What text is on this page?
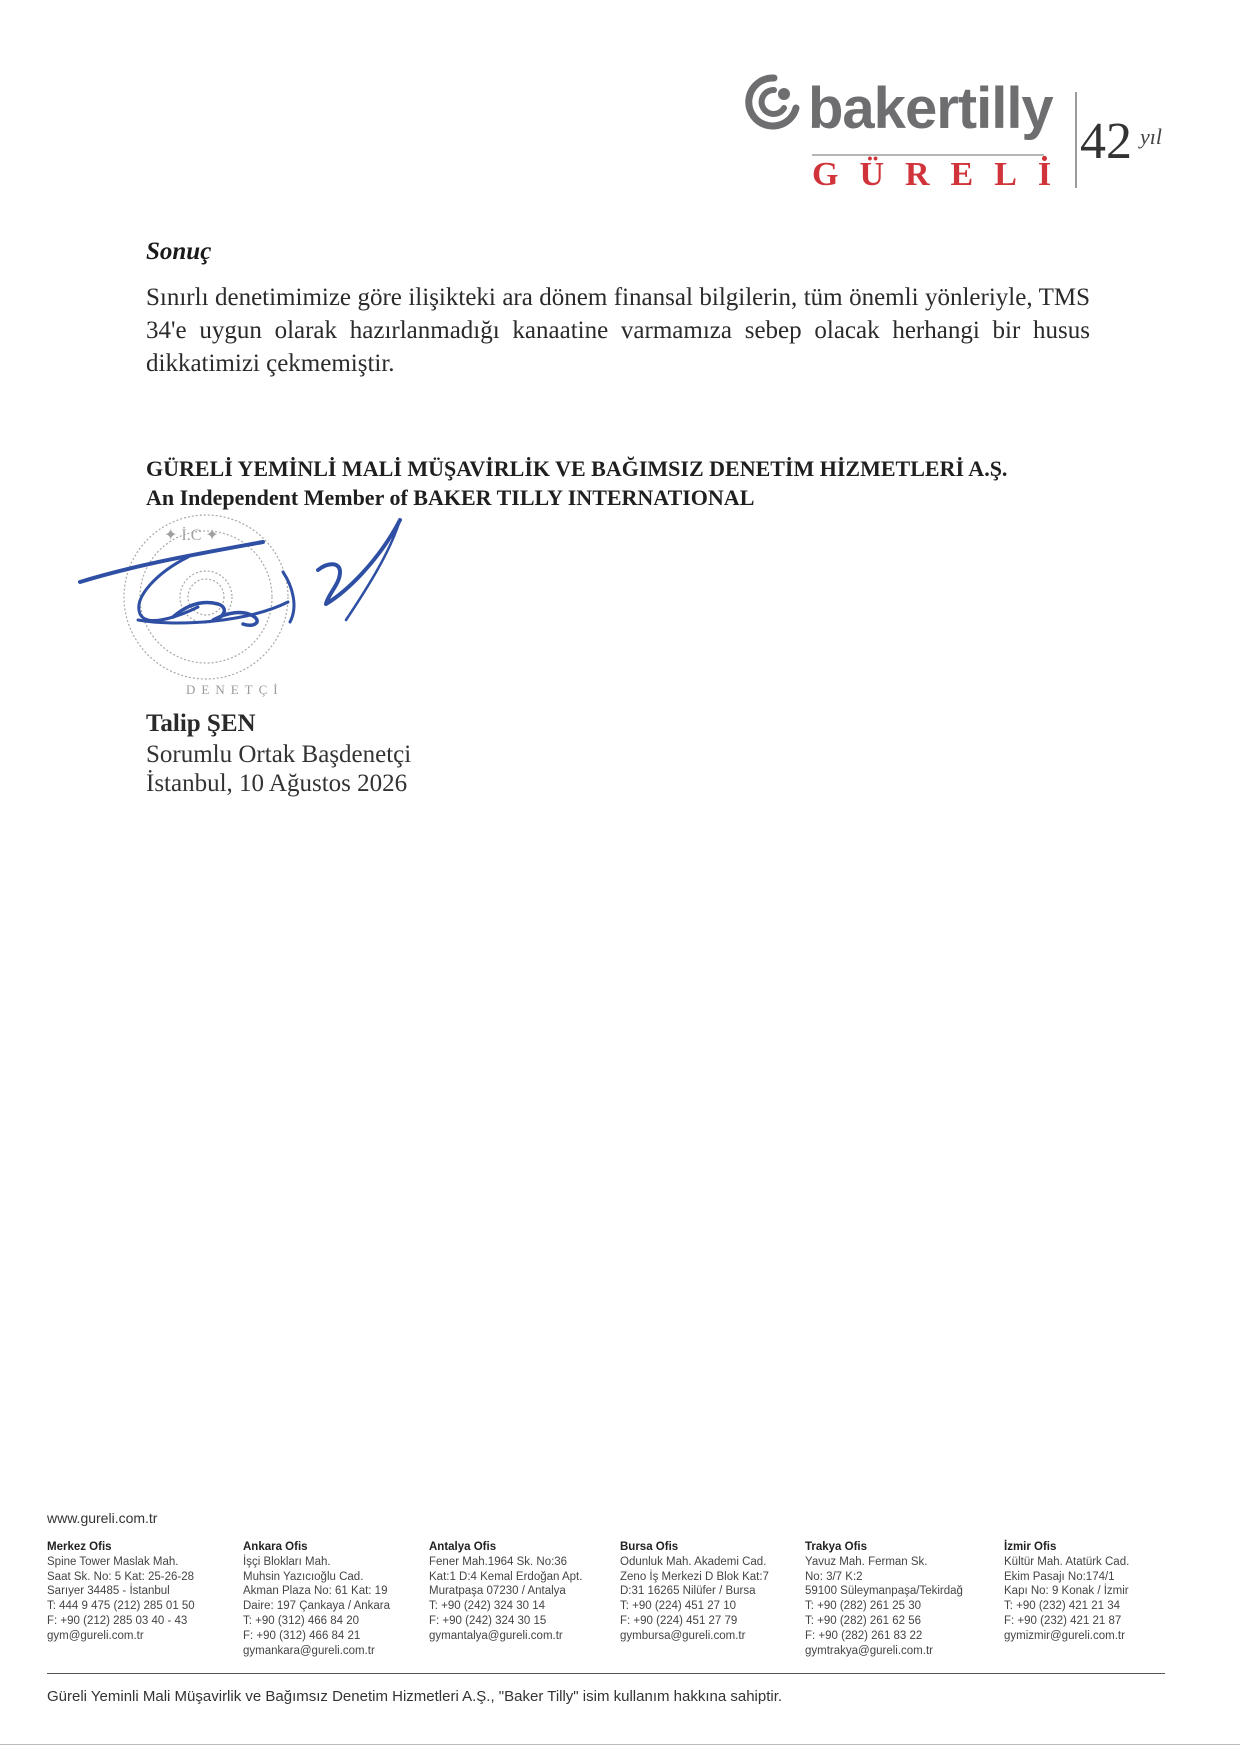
bakertilly
GÜRELİ
42 yıl
Sonuç
Sınırlı denetimimize göre ilişikteki ara dönem finansal bilgilerin, tüm önemli yönleriyle, TMS 34'e uygun olarak hazırlanmadığı kanaatine varmamıza sebep olacak herhangi bir husus dikkatimizi çekmemiştir.
GÜRELİ YEMİNLİ MALİ MÜŞAVİRLİK VE BAĞIMSIZ DENETİM HİZMETLERİ A.Ş.
An Independent Member of BAKER TILLY INTERNATIONAL
DENETÇİ
✦ İ.C ✦
Talip ŞEN
Sorumlu Ortak Başdenetçi
İstanbul, 10 Ağustos 2026
www.gureli.com.tr
Merkez Ofis
Spine Tower Maslak Mah.
Saat Sk. No: 5 Kat: 25-26-28
Sarıyer 34485 - İstanbul
T: 444 9 475 (212) 285 01 50
F: +90 (212) 285 03 40 - 43
gym@gureli.com.tr
Ankara Ofis
İşçi Blokları Mah.
Muhsin Yazıcıoğlu Cad.
Akman Plaza No: 61 Kat: 19
Daire: 197 Çankaya / Ankara
T: +90 (312) 466 84 20
F: +90 (312) 466 84 21
gymankara@gureli.com.tr
Antalya Ofis
Fener Mah.1964 Sk. No:36
Kat:1 D:4 Kemal Erdoğan Apt.
Muratpaşa 07230 / Antalya
T: +90 (242) 324 30 14
F: +90 (242) 324 30 15
gymantalya@gureli.com.tr
Bursa Ofis
Odunluk Mah. Akademi Cad.
Zeno İş Merkezi D Blok Kat:7
D:31 16265 Nilüfer / Bursa
T: +90 (224) 451 27 10
F: +90 (224) 451 27 79
gymbursa@gureli.com.tr
Trakya Ofis
Yavuz Mah. Ferman Sk.
No: 3/7 K:2
59100 Süleymanpaşa/Tekirdağ
T: +90 (282) 261 25 30
T: +90 (282) 261 62 56
F: +90 (282) 261 83 22
gymtrakya@gureli.com.tr
İzmir Ofis
Kültür Mah. Atatürk Cad.
Ekim Pasajı No:174/1
Kapı No: 9 Konak / İzmir
T: +90 (232) 421 21 34
F: +90 (232) 421 21 87
gymizmir@gureli.com.tr
Güreli Yeminli Mali Müşavirlik ve Bağımsız Denetim Hizmetleri A.Ş., "Baker Tilly" isim kullanım hakkına sahiptir.
